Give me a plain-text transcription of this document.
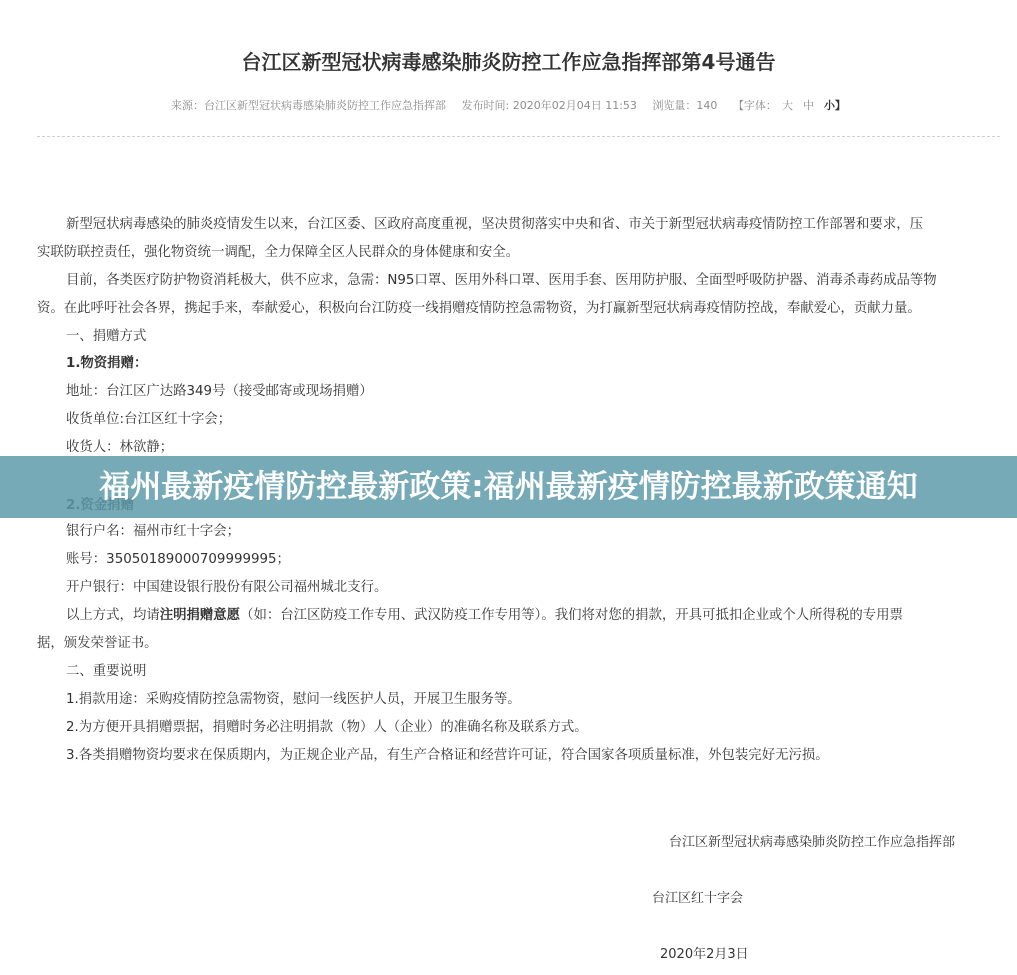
台江区新型冠状病毒感染肺炎防控工作应急指挥部第4号通告
来源：台江区新型冠状病毒感染肺炎防控工作应急指挥部 发布时间: 2020年02月04日 11:53 浏览量：140 【字体： 大 中 小】
新型冠状病毒感染的肺炎疫情发生以来，台江区委、区政府高度重视，坚决贯彻落实中央和省、市关于新型冠状病毒疫情防控工作部署和要求，压
实联防联控责任，强化物资统一调配，全力保障全区人民群众的身体健康和安全。
目前，各类医疗防护物资消耗极大，供不应求，急需：N95口罩、医用外科口罩、医用手套、医用防护服、全面型呼吸防护器、消毒杀毒药成品等物
资。在此呼吁社会各界，携起手来，奉献爱心，积极向台江防疫一线捐赠疫情防控急需物资，为打赢新型冠状病毒疫情防控战，奉献爱心，贡献力量。
一、捐赠方式
1.物资捐赠：
地址：台江区广达路349号（接受邮寄或现场捐赠）
收货单位:台江区红十字会；
收货人：林欲静；
银行户名：福州市红十字会；
账号：35050189000709999995；
开户银行：中国建设银行股份有限公司福州城北支行。
以上方式，均请注明捐赠意愿（如：台江区防疫工作专用、武汉防疫工作专用等）。我们将对您的捐款，开具可抵扣企业或个人所得税的专用票
据，颁发荣誉证书。
二、重要说明
1.捐款用途：采购疫情防控急需物资，慰问一线医护人员，开展卫生服务等。
2.为方便开具捐赠票据，捐赠时务必注明捐款（物）人（企业）的准确名称及联系方式。
3.各类捐赠物资均要求在保质期内，为正规企业产品，有生产合格证和经营许可证，符合国家各项质量标准，外包装完好无污损。
台江区新型冠状病毒感染肺炎防控工作应急指挥部
台江区红十字会
2020年2月3日
福州最新疫情防控最新政策:福州最新疫情防控最新政策通知
